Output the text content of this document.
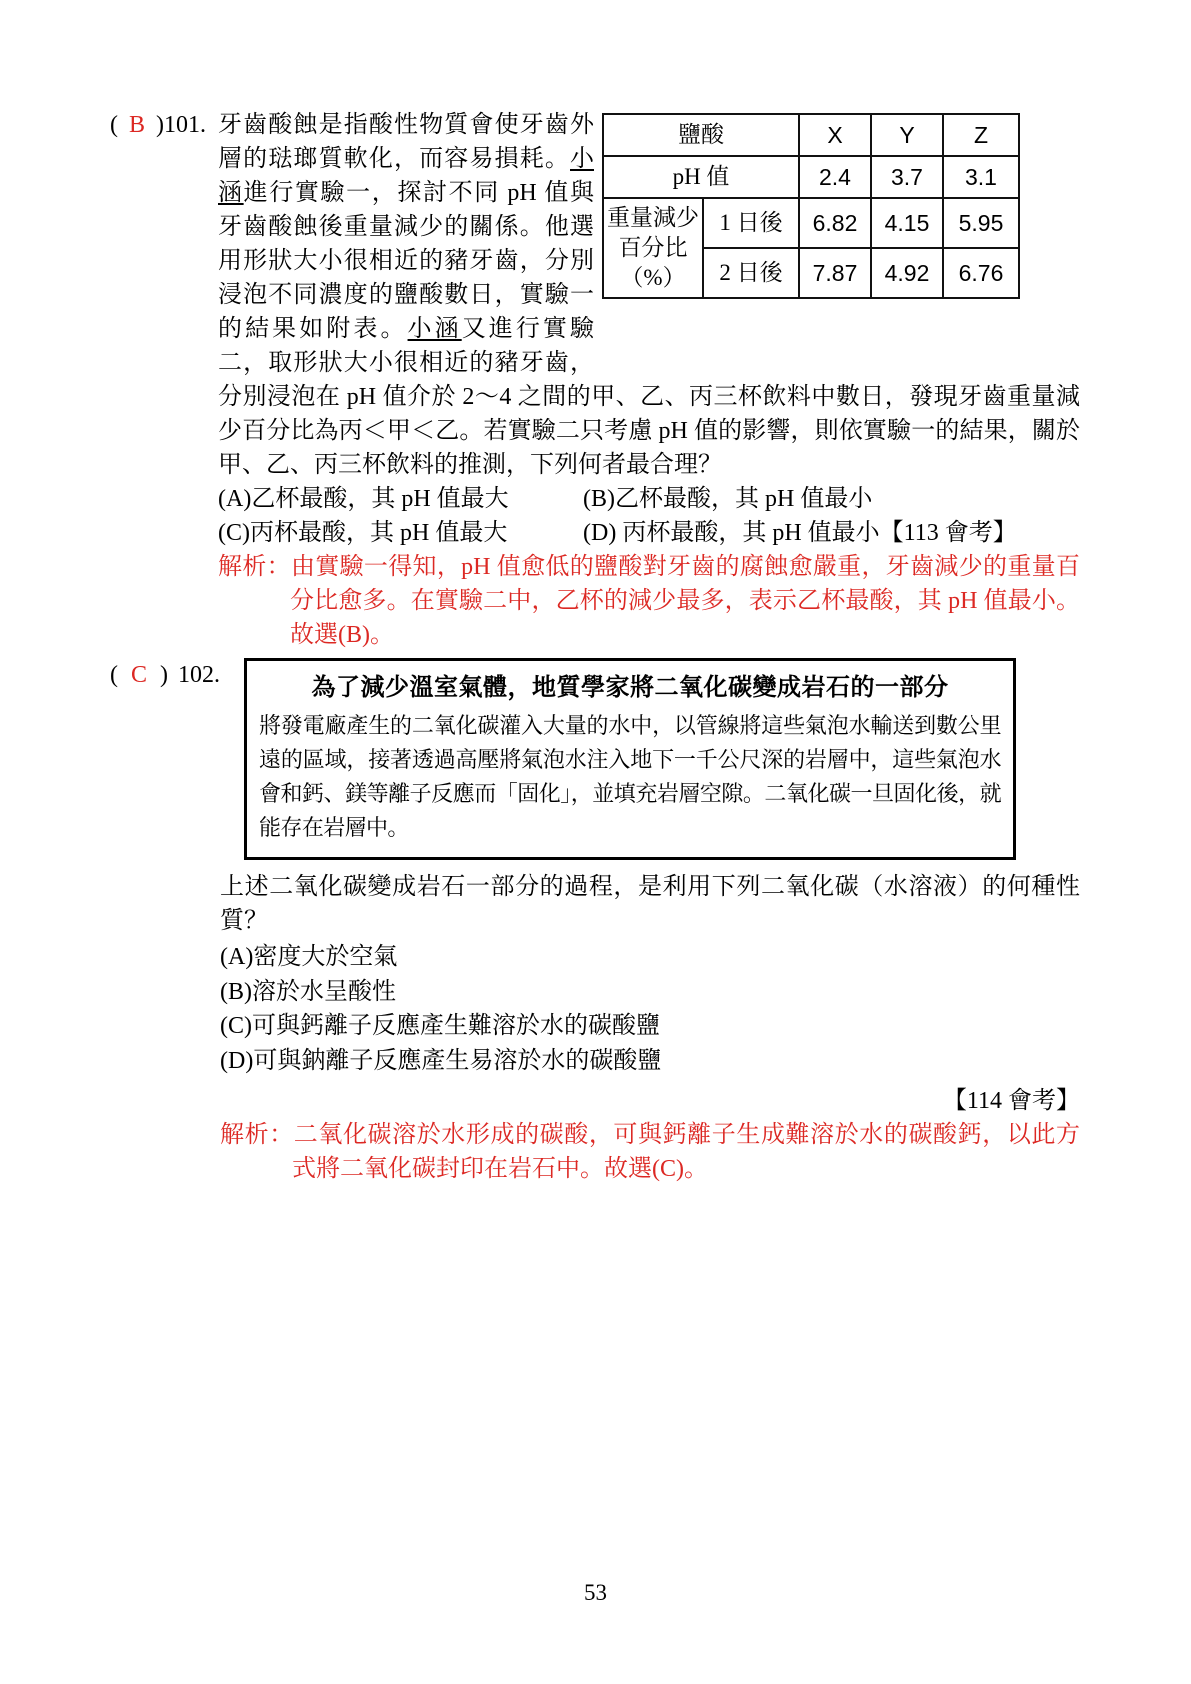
( B )101.	鹽酸		X	Y	Z
pH 值		2.4	3.7	3.1
重量減少百分比（%）	1 日後	6.82	4.15	5.95
	2 日後	7.87	4.92	6.76

牙齒酸蝕是指酸性物質會使牙齒外層的琺瑯質軟化，而容易損耗。小涵進行實驗一，探討不同 pH 值與牙齒酸蝕後重量減少的關係。他選用形狀大小很相近的豬牙齒，分別浸泡不同濃度的鹽酸數日，實驗一的結果如附表。小涵又進行實驗二，取形狀大小很相近的豬牙齒，分別浸泡在 pH 值介於 2～4 之間的甲、乙、丙三杯飲料中數日，發現牙齒重量減少百分比為丙＜甲＜乙。若實驗二只考慮 pH 值的影響，則依實驗一的結果，關於甲、乙、丙三杯飲料的推測，下列何者最合理？

(A)乙杯最酸，其 pH 值最大	(B)乙杯最酸，其 pH 值最小
(C)丙杯最酸，其 pH 值最大	(D) 丙杯最酸，其 pH 值最小 【113 會考】
解析：由實驗一得知，pH 值愈低的鹽酸對牙齒的腐蝕愈嚴重，牙齒減少的重量百分比愈多。在實驗二中，乙杯的減少最多，表示乙杯最酸，其 pH 值最小。故選(B)。
( C ) 102.	為了減少溫室氣體，地質學家將二氧化碳變成岩石的一部分

將發電廠產生的二氧化碳灌入大量的水中，以管線將這些氣泡水輸送到數公里遠的區域，接著透過高壓將氣泡水注入地下一千公尺深的岩層中，這些氣泡水會和鈣、鎂等離子反應而「固化」，並填充岩層空隙。二氧化碳一旦固化後，就能存在岩層中。

上述二氧化碳變成岩石一部分的過程，是利用下列二氧化碳（水溶液）的何種性質？

(A)密度大於空氣
(B)溶於水呈酸性
(C)可與鈣離子反應產生難溶於水的碳酸鹽
(D)可與鈉離子反應產生易溶於水的碳酸鹽
【114 會考】
解析：二氧化碳溶於水形成的碳酸，可與鈣離子生成難溶於水的碳酸鈣，以此方式將二氧化碳封印在岩石中。故選(C)。
53
